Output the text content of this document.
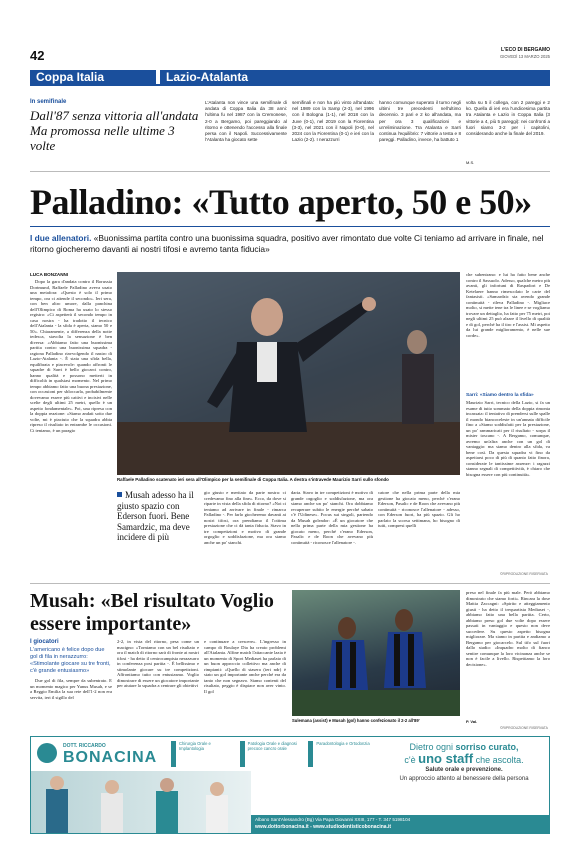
42	L'ECO DI BERGAMO
GIOVEDÌ 13 MARZO 2025
Coppa Italia	Lazio-Atalanta
In semifinale
Dall'87 senza vittoria all'andata Ma promossa nelle ultime 3 volte
L'Atalanta non vince una semifinale di andata di Coppa Italia da 38 anni: l'ultima fu nel 1987 con la Cremonese, 2-0 a Bergamo, poi pareggiando al ritorno e ottenendo l'accesso alla finale persa con il Napoli. Successivamente l'Atalanta ha giocato sette
semifinali e non ha più vinto all'andata: nel 1989 con la Samp (2-3), nel 1996 con il Bologna (1-1), nel 2018 con la Juve (0-1), nel 2019 con la Fiorentina (3-3), nel 2021 con il Napoli (0-0), nel 2024 con la Fiorentina (0-1) e ieri con la Lazio (2-2). I nerazzurri
hanno comunque superato il turno negli ultimi tre precedenti nell'ultimo decennio. 3 pari e 2 ko all'andata, ma per ora 3 qualificazioni e un'eliminazione. Tra Atalanta e Sarri continua l'equilibrio: 7 vittorie a testa e 8 pareggi. Palladino, invece, ha battuto 1
volta su 5 il collega, con 2 pareggi e 2 ko. Quella di ieri era l'undicesima partita tra Atalanta e Lazio in Coppa Italia (3 vittorie a 4, più 5 pareggi): nei confronti a fuori siamo 3-2 per i capitolini, considerando anche la finale del 2019.
M.S.
Palladino: «Tutto aperto, 50 e 50»
I due allenatori. «Buonissima partita contro una buonissima squadra, positivo aver rimontato due volte Ci teniamo ad arrivare in finale, nel ritorno giocheremo davanti ai nostri tifosi e avremo tanta fiducia»
LUCA BONZANNI

Dopo la gara d'andata contro il Borussia Dortmund, Raffaele Palladino aveva usato una metafora: «Questo è solo il primo tempo, ora ci attende il secondo». Ieri sera, con ben altro umore, dalla panchina dell'Olimpico di Roma ha usato lo stesso registro: «Ci aspetterà il secondo tempo in casa nostra - ha tradotto il tecnico dell'Atalanta - la sfida è aperta, siamo 50 e 50». Chiaramente, a differenza della notte tedesca, stavolta la sensazione è ben diversa: «Abbiamo fatto una buonissima partita contro una buonissima squadra - ragiona Palladino riavvolgendo il nastro di Lazio-Atalanta -. È stata una sfida bella, equilibrata e piacevole: quando affronti le squadre di Sarri è bello giocarci contro, hanno qualità e possono metterti in difficoltà in qualsiasi momento. Nel primo tempo abbiamo fatto una buona prestazione, con occasioni per sbloccarla, probabilmente dovevamo essere più cattivi e incisivi nelle scelte degli ultimi 25 metri, quello è un aspetto fondamentale». Poi, una ripresa con la doppia reazione: «Siamo andati sotto due volte, mi è piaciuto che la squadra abbia ripreso il risultato in entrambe le occasioni. Ci teniamo, è un paragio

Raffaele Palladino scatenato ieri sera all'Olimpico per la semifinale di Coppa Italia. A destra s'intravede Maurizio Sarri sullo sfondo
Musah adesso ha il giusto spazio con Ederson fuori. Bene Samardzic, ma deve incidere di più
gio giusto e meritato da parte nostra: ci credevamo fino alla fine». Ecco, da dove si riparte in vista della sfida di ritorno? «Noi ci teniamo ad arrivare in finale - rimarca Palladino -. Per farlo giocheremo davanti ai nostri tifosi, ora prendiamo il l'ottima prestazione che ci dà tanta fiducia. Stavo in tre competizioni e motivo di grande orgoglio e soddisfazione, ma ora siamo anche un po' stanchi.
daria. Stavo in tre competizioni è motivo di grande orgoglio e soddisfazione, ma ora siamo anche un po' stanchi. Ora dobbiamo recuperare subito le energie perché sabato c'è l'Udinese». Focus sui singoli, partendo da Musah goleador: «È un giocatore che nella prima parte della mia gestione ha giocato meno, perché c'erano Ederson, Pasalic e de Roon che avevano più continuità - riconosce l'allenatore -.
catore che nella prima parte della mia gestione ha giocato meno, perché c'erano Ederson, Pasalic e de Roon che avevano più continuità - riconosce l'allenatore - adesso, con Ederson fuori, ha più spazio. Gli ho parlato la scorsa settimana, ho bisogno di tutti, compresi quelli
che subentrano: e lui ha fatto bene anche contro il Sassuolo. Adesso, qualche metro più avanti, gli infortuni di Raspadori e De Ketelaere hanno rimescolato le carte del fantasisti. «Samardzic sta avendo grande continuità - rileva Palladino -. Migliace molto, si mette tene tra le linee e se vogliamo trovare un dettaglio, ha fatto per 75 metri, poi negli ultimi 25 può alzare il livello di qualità e di gol, perché ha il tiro e l'assist. Mi aspetto da lui grande miglioramento, è nelle sue corde».
Sarri: «Siamo dentro la sfida»
Maurizio Sarri, tecnico della Lazio, si fa un esame di tutto sommato della doppia rimonta incassata: il tentativo di prendersi sulle spalle il mondo biancoceleste in un'annata difficile fino a «Siamo soddisfatti per la prestazione, un po' rammaricati per il risultato - sorpa il mister toscano -. A Bergamo, comunque, avremo un'altra anche con un gol di vantaggio: ma siamo dentro alla sfida, va bene così. Da questa squadra vi fino da aspettarsi poco di più di quanto fatto finora, considerate le tantissime assenze: i ragazzi stanno segnali di competitività, è chiaro che bisogna essere con più continuità».
©RIPRODUZIONE RISERVATA
Musah: «Bel risultato Voglio essere importante»
I giocatori
L'americano è felice dopo due gol di fila in nerazzurro: «Stimolante giocare su tre fronti, c'è grande entusiasmo»

Due gol di fila, sempre da subentrato. E un momento magico per Yunus Musah, e se a Reggio Emilia la sua rete dell'1-2 non era servita, ieri il sigillo del

2-2, in vista del ritorno, pesa come un macigno: «Torniamo con un bel risultato e ora il match di ritorno sarà di fronte ai nostri tifosi - ha detto il centrocampista nerazzurro in conferenza post partita -. È bellissimo e stimolante giocare su tre competizioni. Affrontiamo tutto con entusiasmo. Voglio dimostrare di essere un giocatore importante per aiutare la squadra a centrare gli obiettivi
e continuare a crescere». L'ingresso in campo di Boulaye Dia ha creato problemi all'Atalanta. Alfine match l'attaccante lazia è un momento di Sport Mediaset ha parlato di un buon approccio collettivo ma anche di rimpianti: «Quello di stasera (ieri ndr) è stato un gol importante anche perché era da tanto che non segnavo. Siamo contenti del risultato, peggio è dispiace non aver vinto. Il gol
Sulemana (assist) e Musah (gol) hanno confezionato il 2-2 all'89'
preso nel finale fa più male. Però abbiamo dimostrato che siamo forti». Rincara la dose Mattia Zaccagni: «Spirito e atteggiamento giusti - ha detto il trequartista Mediaset -, abbiamo fatto una bella partita. Certo, abbiamo preso gol due volte dopo essere passati in vantaggio e questo non deve succedere. Su questo aspetto bisogna migliorare. Ma siamo in partita e andiamo a Bergamo per giocarcelo. Sul tifo sul fuori dallo stadio: «Inquadro molto di fianco sentire comunque la loro vicinanza anche se non è facile a livello. Rispettiamo la loro decisione».
P. Val.
©RIPRODUZIONE RISERVATA
DOTT. RICCARDO
BONACINA
Chirurgia Orale e Implantologia
Patologia Orale e diagnosi precoce cancro orale
Paradontologia e Ortodonzia	Dietro ogni sorriso curato,
c'è uno staff che ascolta.
Salute orale e prevenzione.
Un approccio attento al benessere della persona
Albano Sant'Alessandro (Bg) Via Papa Giovanni XXIII, 177 - T. 347 5198104
www.dottorbonacina.it - www.studiodentisticobonacina.it
